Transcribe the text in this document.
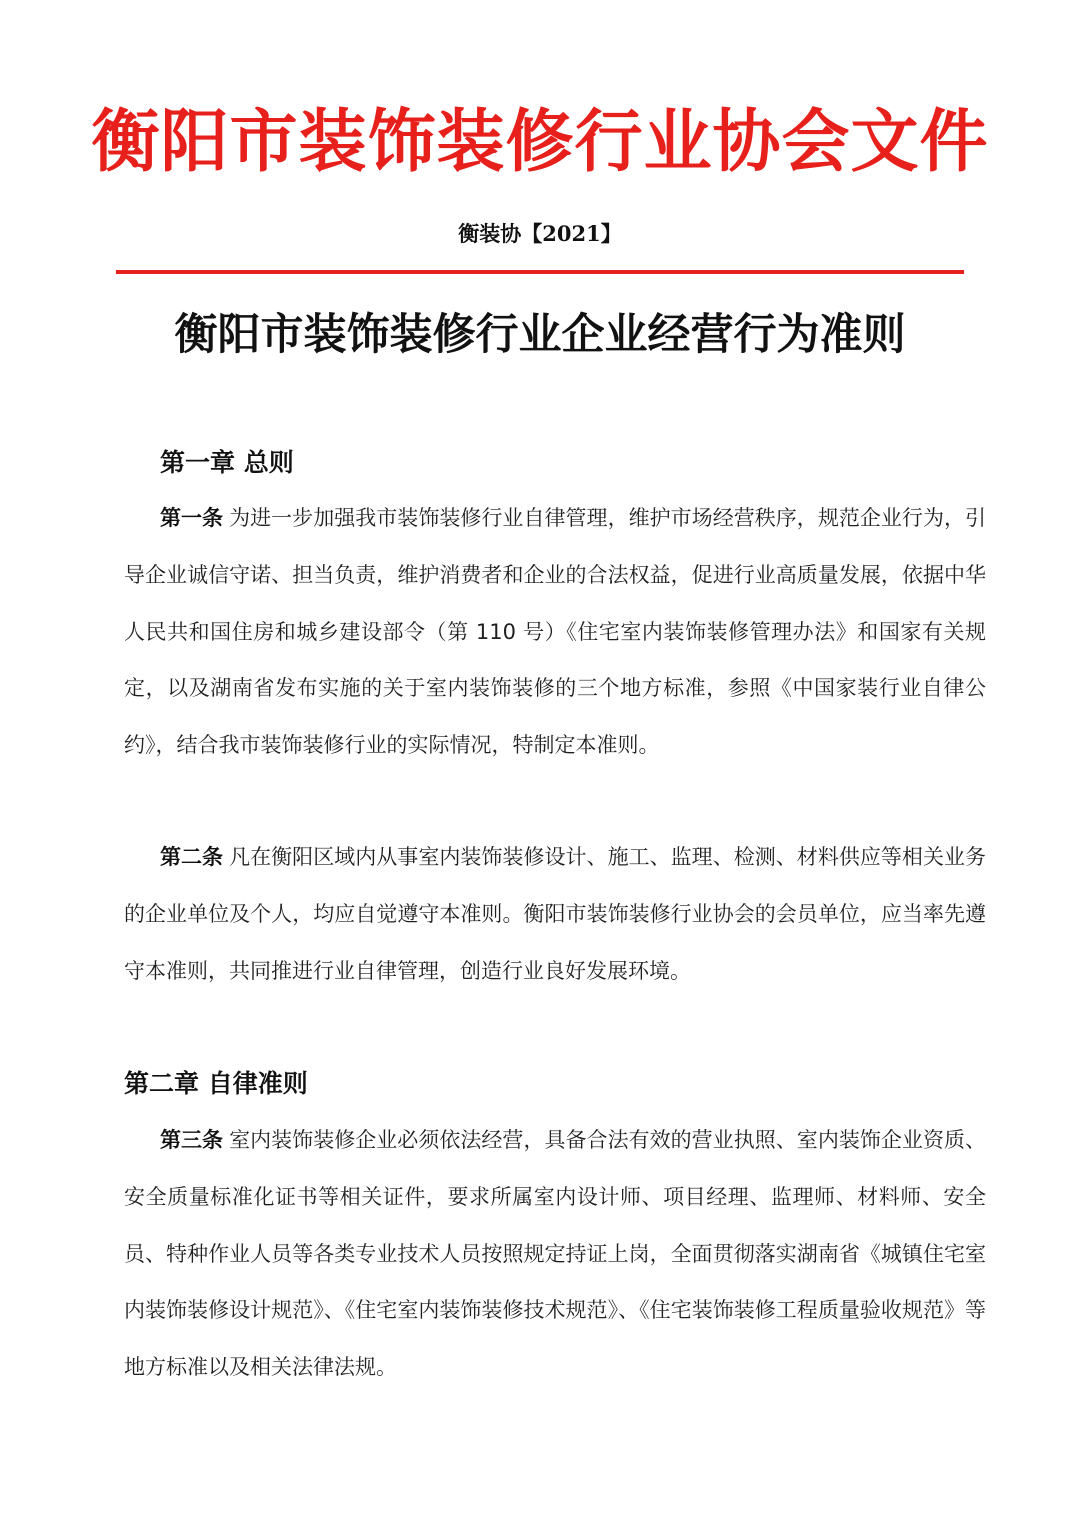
衡阳市装饰装修行业协会文件
衡装协【2021】
衡阳市装饰装修行业企业经营行为准则
第一章 总则

第一条 为进一步加强我市装饰装修行业自律管理，维护市场经营秩序，规范企业行为，引导企业诚信守诺、担当负责，维护消费者和企业的合法权益，促进行业高质量发展，依据中华人民共和国住房和城乡建设部令（第 110 号）《住宅室内装饰装修管理办法》和国家有关规定，以及湖南省发布实施的关于室内装饰装修的三个地方标准，参照《中国家装行业自律公约》，结合我市装饰装修行业的实际情况，特制定本准则。

第二条 凡在衡阳区域内从事室内装饰装修设计、施工、监理、检测、材料供应等相关业务的企业单位及个人，均应自觉遵守本准则。衡阳市装饰装修行业协会的会员单位，应当率先遵守本准则，共同推进行业自律管理，创造行业良好发展环境。

第二章 自律准则

第三条 室内装饰装修企业必须依法经营，具备合法有效的营业执照、室内装饰企业资质、安全质量标准化证书等相关证件，要求所属室内设计师、项目经理、监理师、材料师、安全员、特种作业人员等各类专业技术人员按照规定持证上岗，全面贯彻落实湖南省《城镇住宅室内装饰装修设计规范》、《住宅室内装饰装修技术规范》、《住宅装饰装修工程质量验收规范》等地方标准以及相关法律法规。
